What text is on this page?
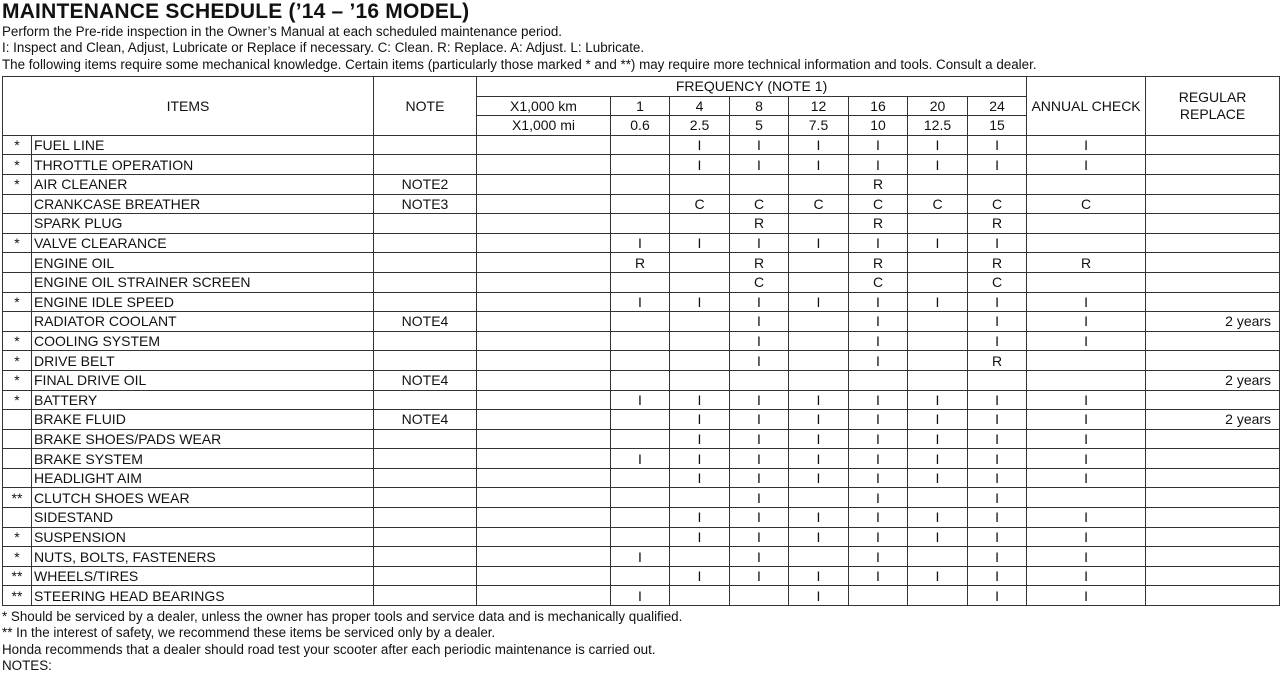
MAINTENANCE SCHEDULE (’14 – ’16 MODEL)
Perform the Pre-ride inspection in the Owner’s Manual at each scheduled maintenance period.
I: Inspect and Clean, Adjust, Lubricate or Replace if necessary. C: Clean. R: Replace. A: Adjust. L: Lubricate.
The following items require some mechanical knowledge. Certain items (particularly those marked * and **) may require more technical information and tools. Consult a dealer.
ITEMS		NOTE	FREQUENCY (NOTE 1)								ANNUAL CHECK	REGULAR REPLACE
			X1,000 km	1	4	8	12	16	20	24		
			X1,000 mi	0.6	2.5	5	7.5	10	12.5	15		
*	FUEL LINE				I	I	I	I	I	I	I	
*	THROTTLE OPERATION				I	I	I	I	I	I	I	
*	AIR CLEANER	NOTE2						R				
	CRANKCASE BREATHER	NOTE3			C	C	C	C	C	C	C	
	SPARK PLUG					R		R		R		
*	VALVE CLEARANCE			I	I	I	I	I	I	I		
	ENGINE OIL			R		R		R		R	R	
	ENGINE OIL STRAINER SCREEN					C		C		C		
*	ENGINE IDLE SPEED			I	I	I	I	I	I	I	I	
	RADIATOR COOLANT	NOTE4				I		I		I	I	2 years
*	COOLING SYSTEM					I		I		I	I	
*	DRIVE BELT					I		I		R		
*	FINAL DRIVE OIL	NOTE4										2 years
*	BATTERY			I	I	I	I	I	I	I	I	
	BRAKE FLUID	NOTE4			I	I	I	I	I	I	I	2 years
	BRAKE SHOES/PADS WEAR				I	I	I	I	I	I	I	
	BRAKE SYSTEM			I	I	I	I	I	I	I	I	
	HEADLIGHT AIM				I	I	I	I	I	I	I	
**	CLUTCH SHOES WEAR					I		I		I		
	SIDESTAND				I	I	I	I	I	I	I	
*	SUSPENSION				I	I	I	I	I	I	I	
*	NUTS, BOLTS, FASTENERS			I		I		I		I	I	
**	WHEELS/TIRES				I	I	I	I	I	I	I	
**	STEERING HEAD BEARINGS			I			I			I	I	
* Should be serviced by a dealer, unless the owner has proper tools and service data and is mechanically qualified.
** In the interest of safety, we recommend these items be serviced only by a dealer.
Honda recommends that a dealer should road test your scooter after each periodic maintenance is carried out.
NOTES:
